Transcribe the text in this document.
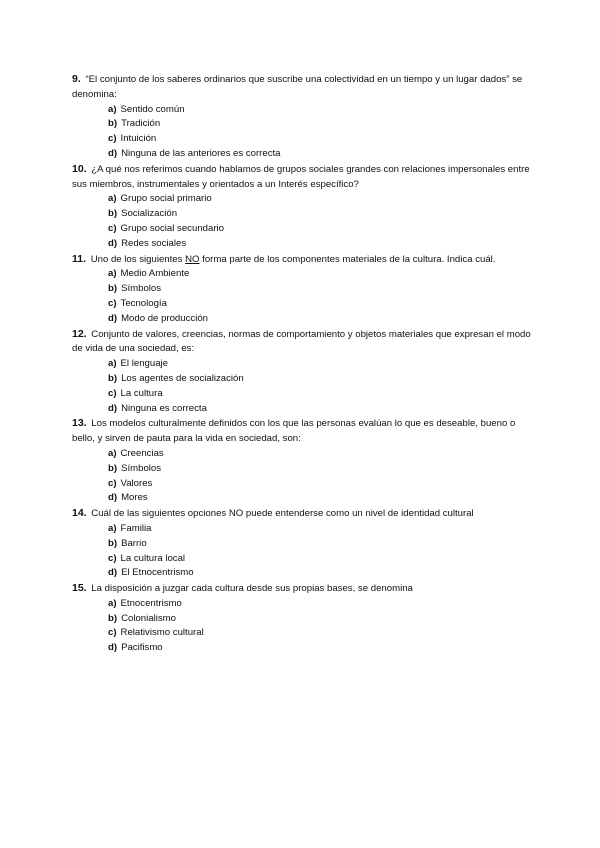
9. “El conjunto de los saberes ordinarios que suscribe una colectividad en un tiempo y un lugar dados” se denomina:

a) Sentido común
b) Tradición
c) Intuición
d) Ninguna de las anteriores es correcta

10. ¿A qué nos referimos cuando hablamos de grupos sociales grandes con relaciones impersonales entre sus miembros, instrumentales y orientados a un Interés específico?

a) Grupo social primario
b) Socialización
c) Grupo social secundario
d) Redes sociales

11. Uno de los siguientes NO forma parte de los componentes materiales de la cultura. Indica cuál.

a) Medio Ambiente
b) Símbolos
c) Tecnología
d) Modo de producción

12. Conjunto de valores, creencias, normas de comportamiento y objetos materiales que expresan el modo de vida de una sociedad, es:

a) El lenguaje
b) Los agentes de socialización
c) La cultura
d) Ninguna es correcta

13. Los modelos culturalmente definidos con los que las personas evalúan lo que es deseable, bueno o bello, y sirven de pauta para la vida en sociedad, son:

a) Creencias
b) Símbolos
c) Valores
d) Mores

14. Cuál de las siguientes opciones NO puede entenderse como un nivel de identidad cultural

a) Familia
b) Barrio
c) La cultura local
d) El Etnocentrismo

15. La disposición a juzgar cada cultura desde sus propias bases, se denomina

a) Etnocentrismo
b) Colonialismo
c) Relativismo cultural
d) Pacifismo
